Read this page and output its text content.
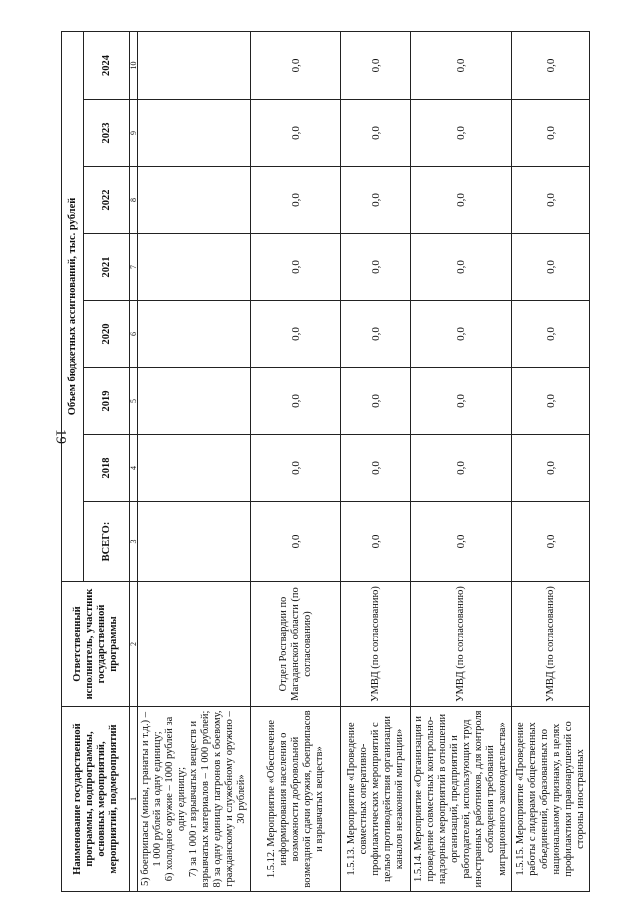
19
Наименование государственной программы, подпрограммы, основных мероприятий, мероприятий, подмероприятий	Ответственный исполнитель, участник государственной программы	Объем бюджетных ассигнований, тыс. рублей							
		ВСЕГО:	2018	2019	2020	2021	2022	2023	2024
1	2	3	4	5	6	7	8	9	10

5) боеприпасы (мины, гранаты и т.д.) – 1 000 рублей за одну единицу; 6) холодное оружие – 1000 рублей за одну единицу; 7) за 1 000 г взрывчатых веществ и взрывчатых материалов – 1 000 рублей; 8) за одну единицу патронов к боевому, гражданскому и служебному оружию – 30 рублей»									

1.5.12. Мероприятие «Обеспечение информирования населения о возможности добровольной возмездной сдачи оружия, боеприпасов и взрывчатых веществ»	Отдел Росгвардии по Магаданской области (по согласованию)	0,0	0,0	0,0	0,0	0,0	0,0	0,0	0,0
1.5.13. Мероприятие «Проведение совместных оперативно-профилактических мероприятий с целью противодействия организации каналов незаконной миграции»	УМВД (по согласованию)	0,0	0,0	0,0	0,0	0,0	0,0	0,0	0,0
1.5.14. Мероприятие «Организация и проведение совместных контрольно-надзорных мероприятий в отношении организаций, предприятий и работодателей, использующих труд иностранных работников, для контроля соблюдения требований миграционного законодательства»	УМВД (по согласованию)	0,0	0,0	0,0	0,0	0,0	0,0	0,0	0,0
1.5.15. Мероприятие «Проведение работы с лидерами общественных объединений, образованных по национальному признаку, в целях профилактики правонарушений со стороны иностранных	УМВД (по согласованию)	0,0	0,0	0,0	0,0	0,0	0,0	0,0	0,0
